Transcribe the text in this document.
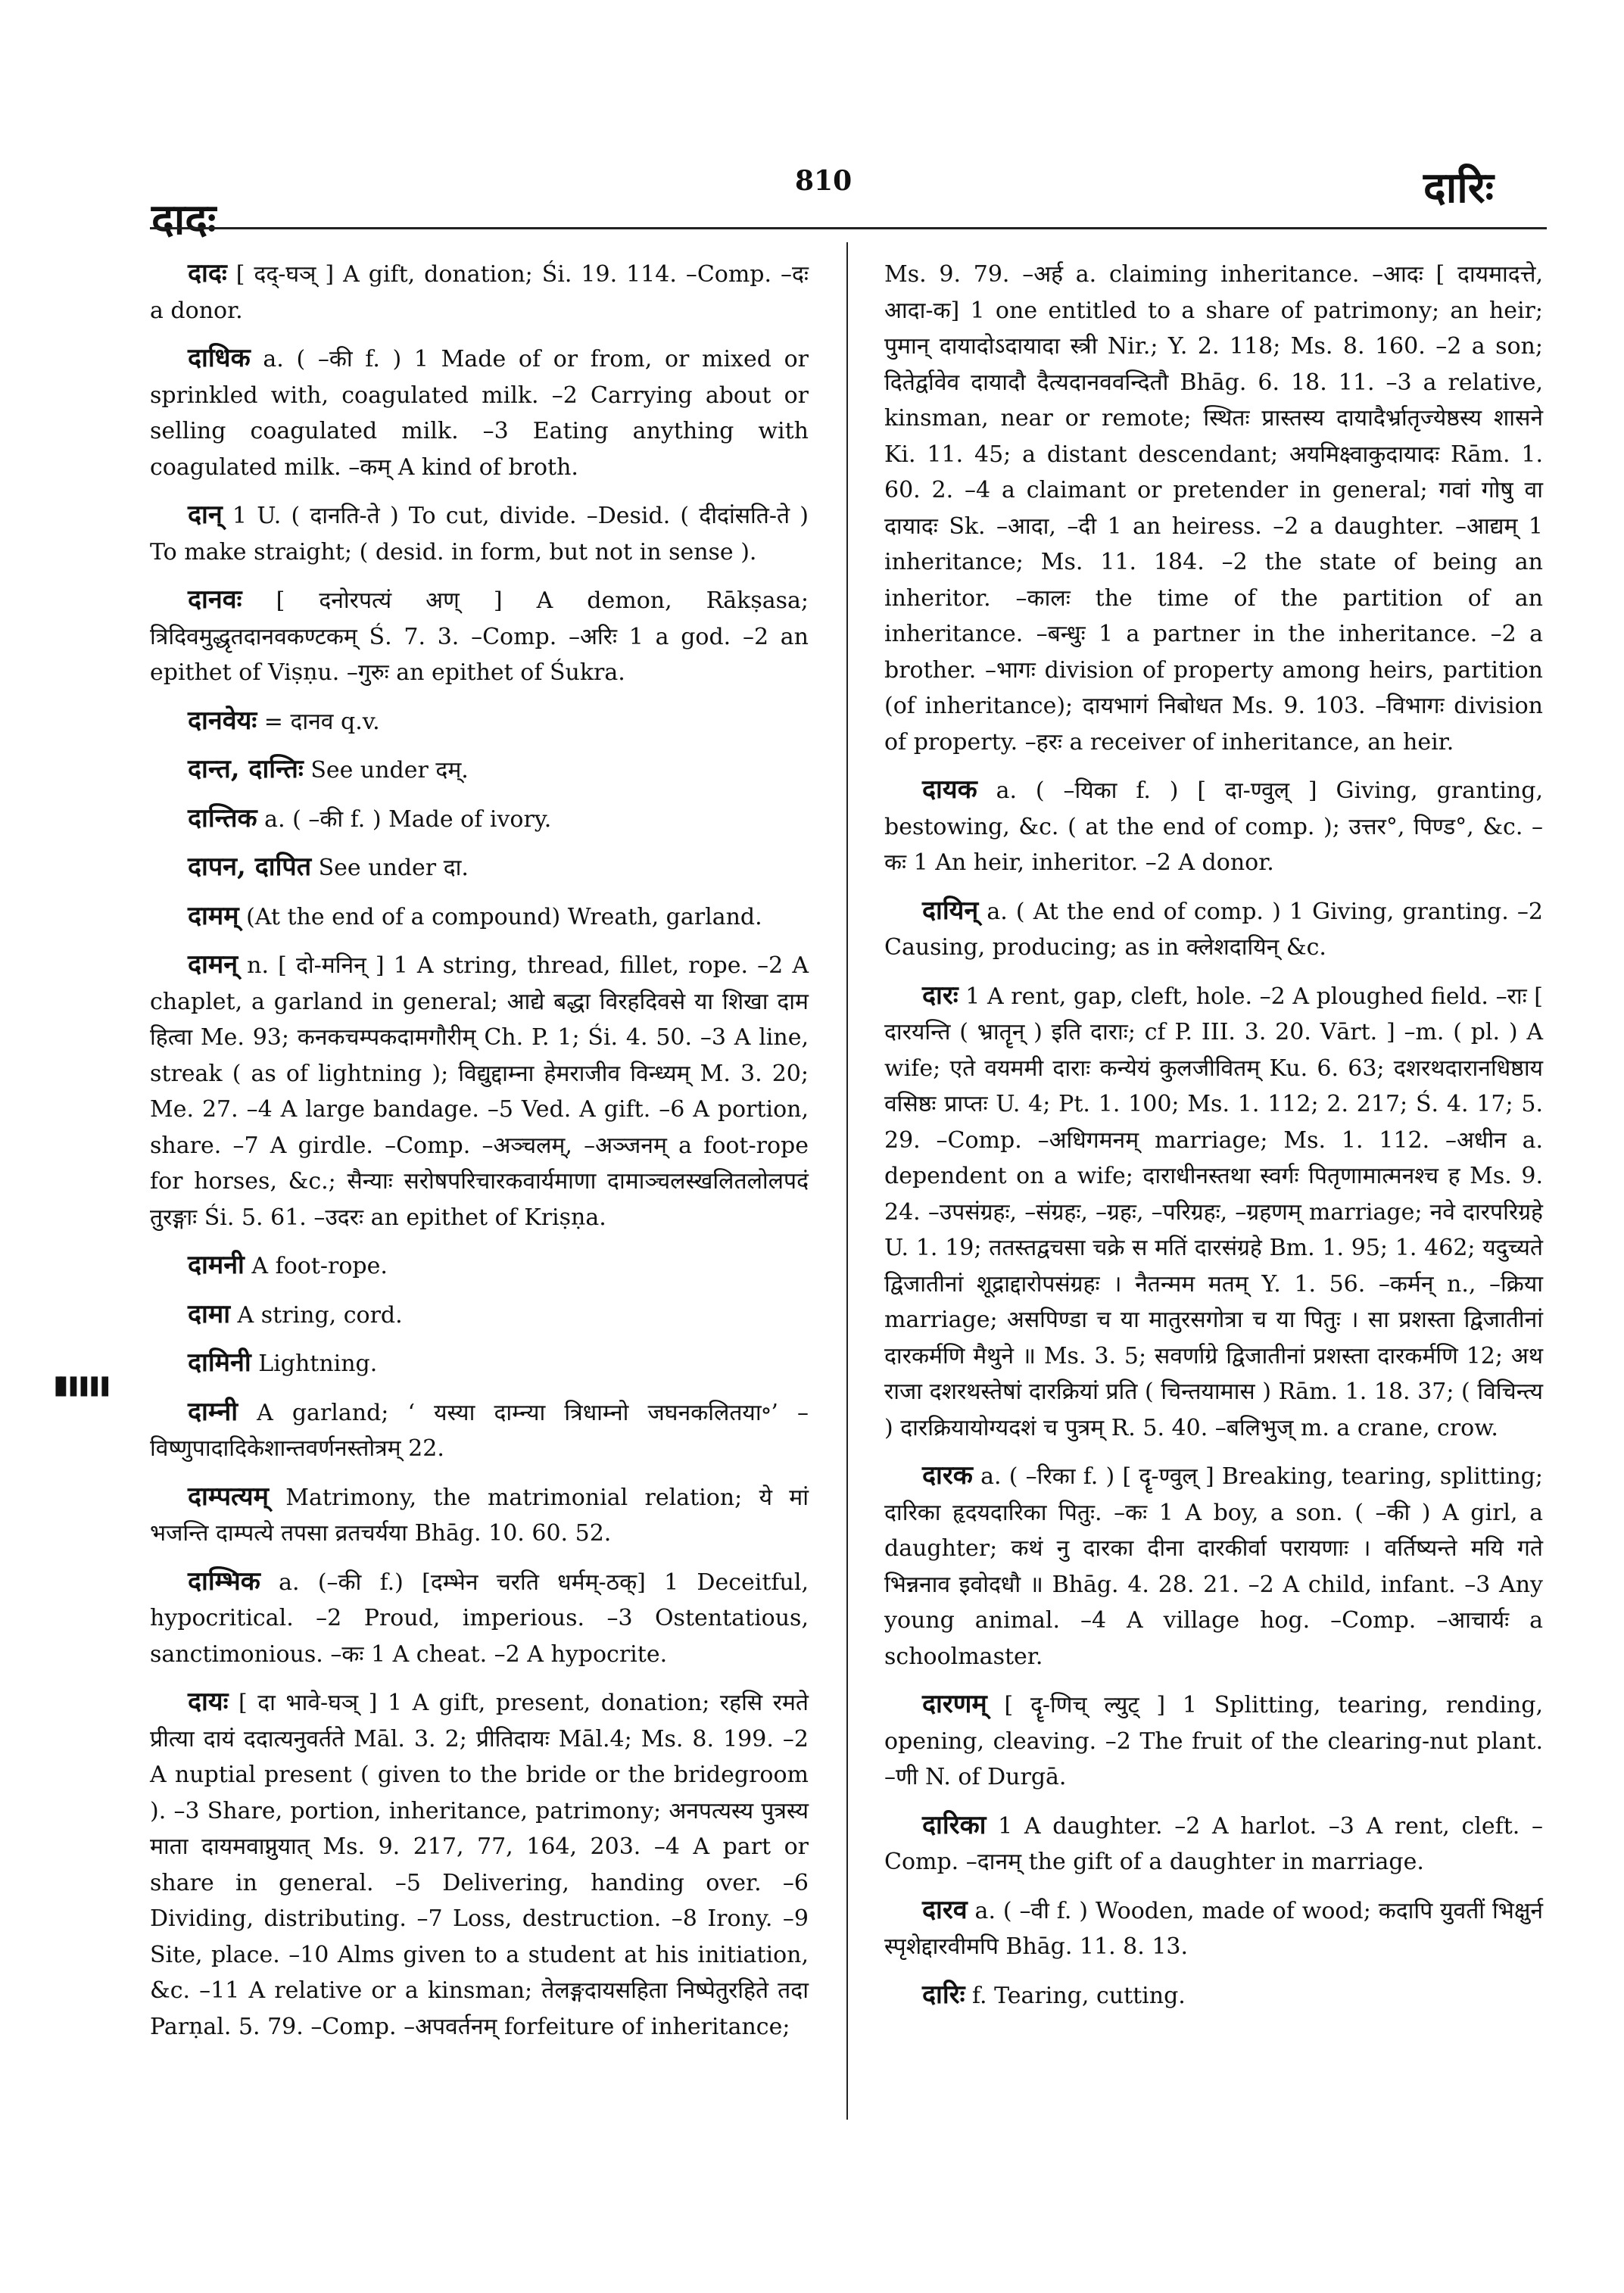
दादः
810	दारिः
▐▌▌▌▌▌

दादः [ दद्-घञ् ] A gift, donation; Śi. 19. 114. –Comp. –दः a donor.

दाधिक a. ( –की f. ) 1 Made of or from, or mixed or sprinkled with, coagulated milk. –2 Carrying about or selling coagulated milk. –3 Eating anything with coagulated milk. –कम् A kind of broth.

दान् 1 U. ( दानति-ते ) To cut, divide. –Desid. ( दीदांसति-ते ) To make straight; ( desid. in form, but not in sense ).

दानवः [ दनोरपत्यं अण् ] A demon, Rākṣasa; त्रिदिवमुद्धृतदानवकण्टकम् Ś. 7. 3. –Comp. –अरिः 1 a god. –2 an epithet of Viṣṇu. –गुरुः an epithet of Śukra.

दानवेयः = दानव q.v.

दान्त, दान्तिः See under दम्.

दान्तिक a. ( –की f. ) Made of ivory.

दापन, दापित See under दा.

दामम् (At the end of a compound) Wreath, garland.

दामन् n. [ दो-मनिन् ] 1 A string, thread, fillet, rope. –2 A chaplet, a garland in general; आद्ये बद्धा विरहदिवसे या शिखा दाम हित्वा Me. 93; कनकचम्पकदामगौरीम् Ch. P. 1; Śi. 4. 50. –3 A line, streak ( as of lightning ); विद्युद्दाम्ना हेमराजीव विन्ध्यम् M. 3. 20; Me. 27. –4 A large bandage. –5 Ved. A gift. –6 A portion, share. –7 A girdle. –Comp. –अञ्चलम्, –अञ्जनम् a foot-rope for horses, &c.; सैन्याः सरोषपरिचारकवार्यमाणा दामाञ्चलस्खलितलोलपदं तुरङ्गाः Śi. 5. 61. –उदरः an epithet of Kriṣṇa.

दामनी A foot-rope.

दामा A string, cord.

दामिनी Lightning.

दाम्नी A garland; ‘ यस्या दाम्न्या त्रिधाम्नो जघनकलितया॰’ –विष्णुपादादिकेशान्तवर्णनस्तोत्रम् 22.

दाम्पत्यम् Matrimony, the matrimonial relation; ये मां भजन्ति दाम्पत्ये तपसा व्रतचर्यया Bhāg. 10. 60. 52.

दाम्भिक a. (–की f.) [दम्भेन चरति धर्मम्-ठक्] 1 Deceitful, hypocritical. –2 Proud, imperious. –3 Ostentatious, sanctimonious. –कः 1 A cheat. –2 A hypocrite.

दायः [ दा भावे-घञ् ] 1 A gift, present, donation; रहसि रमते प्रीत्या दायं ददात्यनुवर्तते Māl. 3. 2; प्रीतिदायः Māl.4; Ms. 8. 199. –2 A nuptial present ( given to the bride or the bridegroom ). –3 Share, portion, inheritance, patrimony; अनपत्यस्य पुत्रस्य माता दायमवाप्नुयात् Ms. 9. 217, 77, 164, 203. –4 A part or share in general. –5 Delivering, handing over. –6 Dividing, distributing. –7 Loss, destruction. –8 Irony. –9 Site, place. –10 Alms given to a student at his initiation, &c. –11 A relative or a kinsman; तेलङ्गदायसहिता निष्पेतुरहिते तदा Parṇal. 5. 79. –Comp. –अपवर्तनम् forfeiture of inheritance;

Ms. 9. 79. –अर्ह a. claiming inheritance. –आदः [ दायमादत्ते, आदा-क] 1 one entitled to a share of patrimony; an heir; पुमान् दायादोऽदायादा स्त्री Nir.; Y. 2. 118; Ms. 8. 160. –2 a son; दितेर्द्वावेव दायादौ दैत्यदानववन्दितौ Bhāg. 6. 18. 11. –3 a relative, kinsman, near or remote; स्थितः प्रास्तस्य दायादैर्भ्रातृज्येष्ठस्य शासने Ki. 11. 45; a distant descendant; अयमिक्ष्वाकुदायादः Rām. 1. 60. 2. –4 a claimant or pretender in general; गवां गोषु वा दायादः Sk. –आदा, –दी 1 an heiress. –2 a daughter. –आद्यम् 1 inheritance; Ms. 11. 184. –2 the state of being an inheritor. –कालः the time of the partition of an inheritance. –बन्धुः 1 a partner in the inheritance. –2 a brother. –भागः division of property among heirs, partition (of inheritance); दायभागं निबोधत Ms. 9. 103. –विभागः division of property. –हरः a receiver of inheritance, an heir.

दायक a. ( –यिका f. ) [ दा-ण्वुल् ] Giving, granting, bestowing, &c. ( at the end of comp. ); उत्तर°, पिण्ड°, &c. –कः 1 An heir, inheritor. –2 A donor.

दायिन् a. ( At the end of comp. ) 1 Giving, granting. –2 Causing, producing; as in क्लेशदायिन् &c.

दारः 1 A rent, gap, cleft, hole. –2 A ploughed field. –राः [ दारयन्ति ( भ्रातॄन् ) इति दाराः; cf P. III. 3. 20. Vārt. ] –m. ( pl. ) A wife; एते वयममी दाराः कन्येयं कुलजीवितम् Ku. 6. 63; दशरथदारानधिष्ठाय वसिष्ठः प्राप्तः U. 4; Pt. 1. 100; Ms. 1. 112; 2. 217; Ś. 4. 17; 5. 29. –Comp. –अधिगमनम् marriage; Ms. 1. 112. –अधीन a. dependent on a wife; दाराधीनस्तथा स्वर्गः पितृणामात्मनश्च ह Ms. 9. 24. –उपसंग्रहः, –संग्रहः, –ग्रहः, –परिग्रहः, –ग्रहणम् marriage; नवे दारपरिग्रहे U. 1. 19; ततस्तद्वचसा चक्रे स मतिं दारसंग्रहे Bm. 1. 95; 1. 462; यदुच्यते द्विजातीनां शूद्राद्दारोपसंग्रहः । नैतन्मम मतम् Y. 1. 56. –कर्मन् n., –क्रिया marriage; असपिण्डा च या मातुरसगोत्रा च या पितुः । सा प्रशस्ता द्विजातीनां दारकर्मणि मैथुने ॥ Ms. 3. 5; सवर्णाग्रे द्विजातीनां प्रशस्ता दारकर्मणि 12; अथ राजा दशरथस्तेषां दारक्रियां प्रति ( चिन्तयामास ) Rām. 1. 18. 37; ( विचिन्त्य ) दारक्रियायोग्यदशं च पुत्रम् R. 5. 40. –बलिभुज् m. a crane, crow.

दारक a. ( –रिका f. ) [ दॄ-ण्वुल् ] Breaking, tearing, splitting; दारिका हृदयदारिका पितुः. –कः 1 A boy, a son. ( –की ) A girl, a daughter; कथं नु दारका दीना दारकीर्वा परायणाः । वर्तिष्यन्ते मयि गते भिन्ननाव इवोदधौ ॥ Bhāg. 4. 28. 21. –2 A child, infant. –3 Any young animal. –4 A village hog. –Comp. –आचार्यः a schoolmaster.

दारणम् [ दॄ-णिच् ल्युट् ] 1 Splitting, tearing, rending, opening, cleaving. –2 The fruit of the clearing-nut plant. –णी N. of Durgā.

दारिका 1 A daughter. –2 A harlot. –3 A rent, cleft. –Comp. –दानम् the gift of a daughter in marriage.

दारव a. ( –वी f. ) Wooden, made of wood; कदापि युवतीं भिक्षुर्न स्पृशेद्दारवीमपि Bhāg. 11. 8. 13.

दारिः f. Tearing, cutting.
